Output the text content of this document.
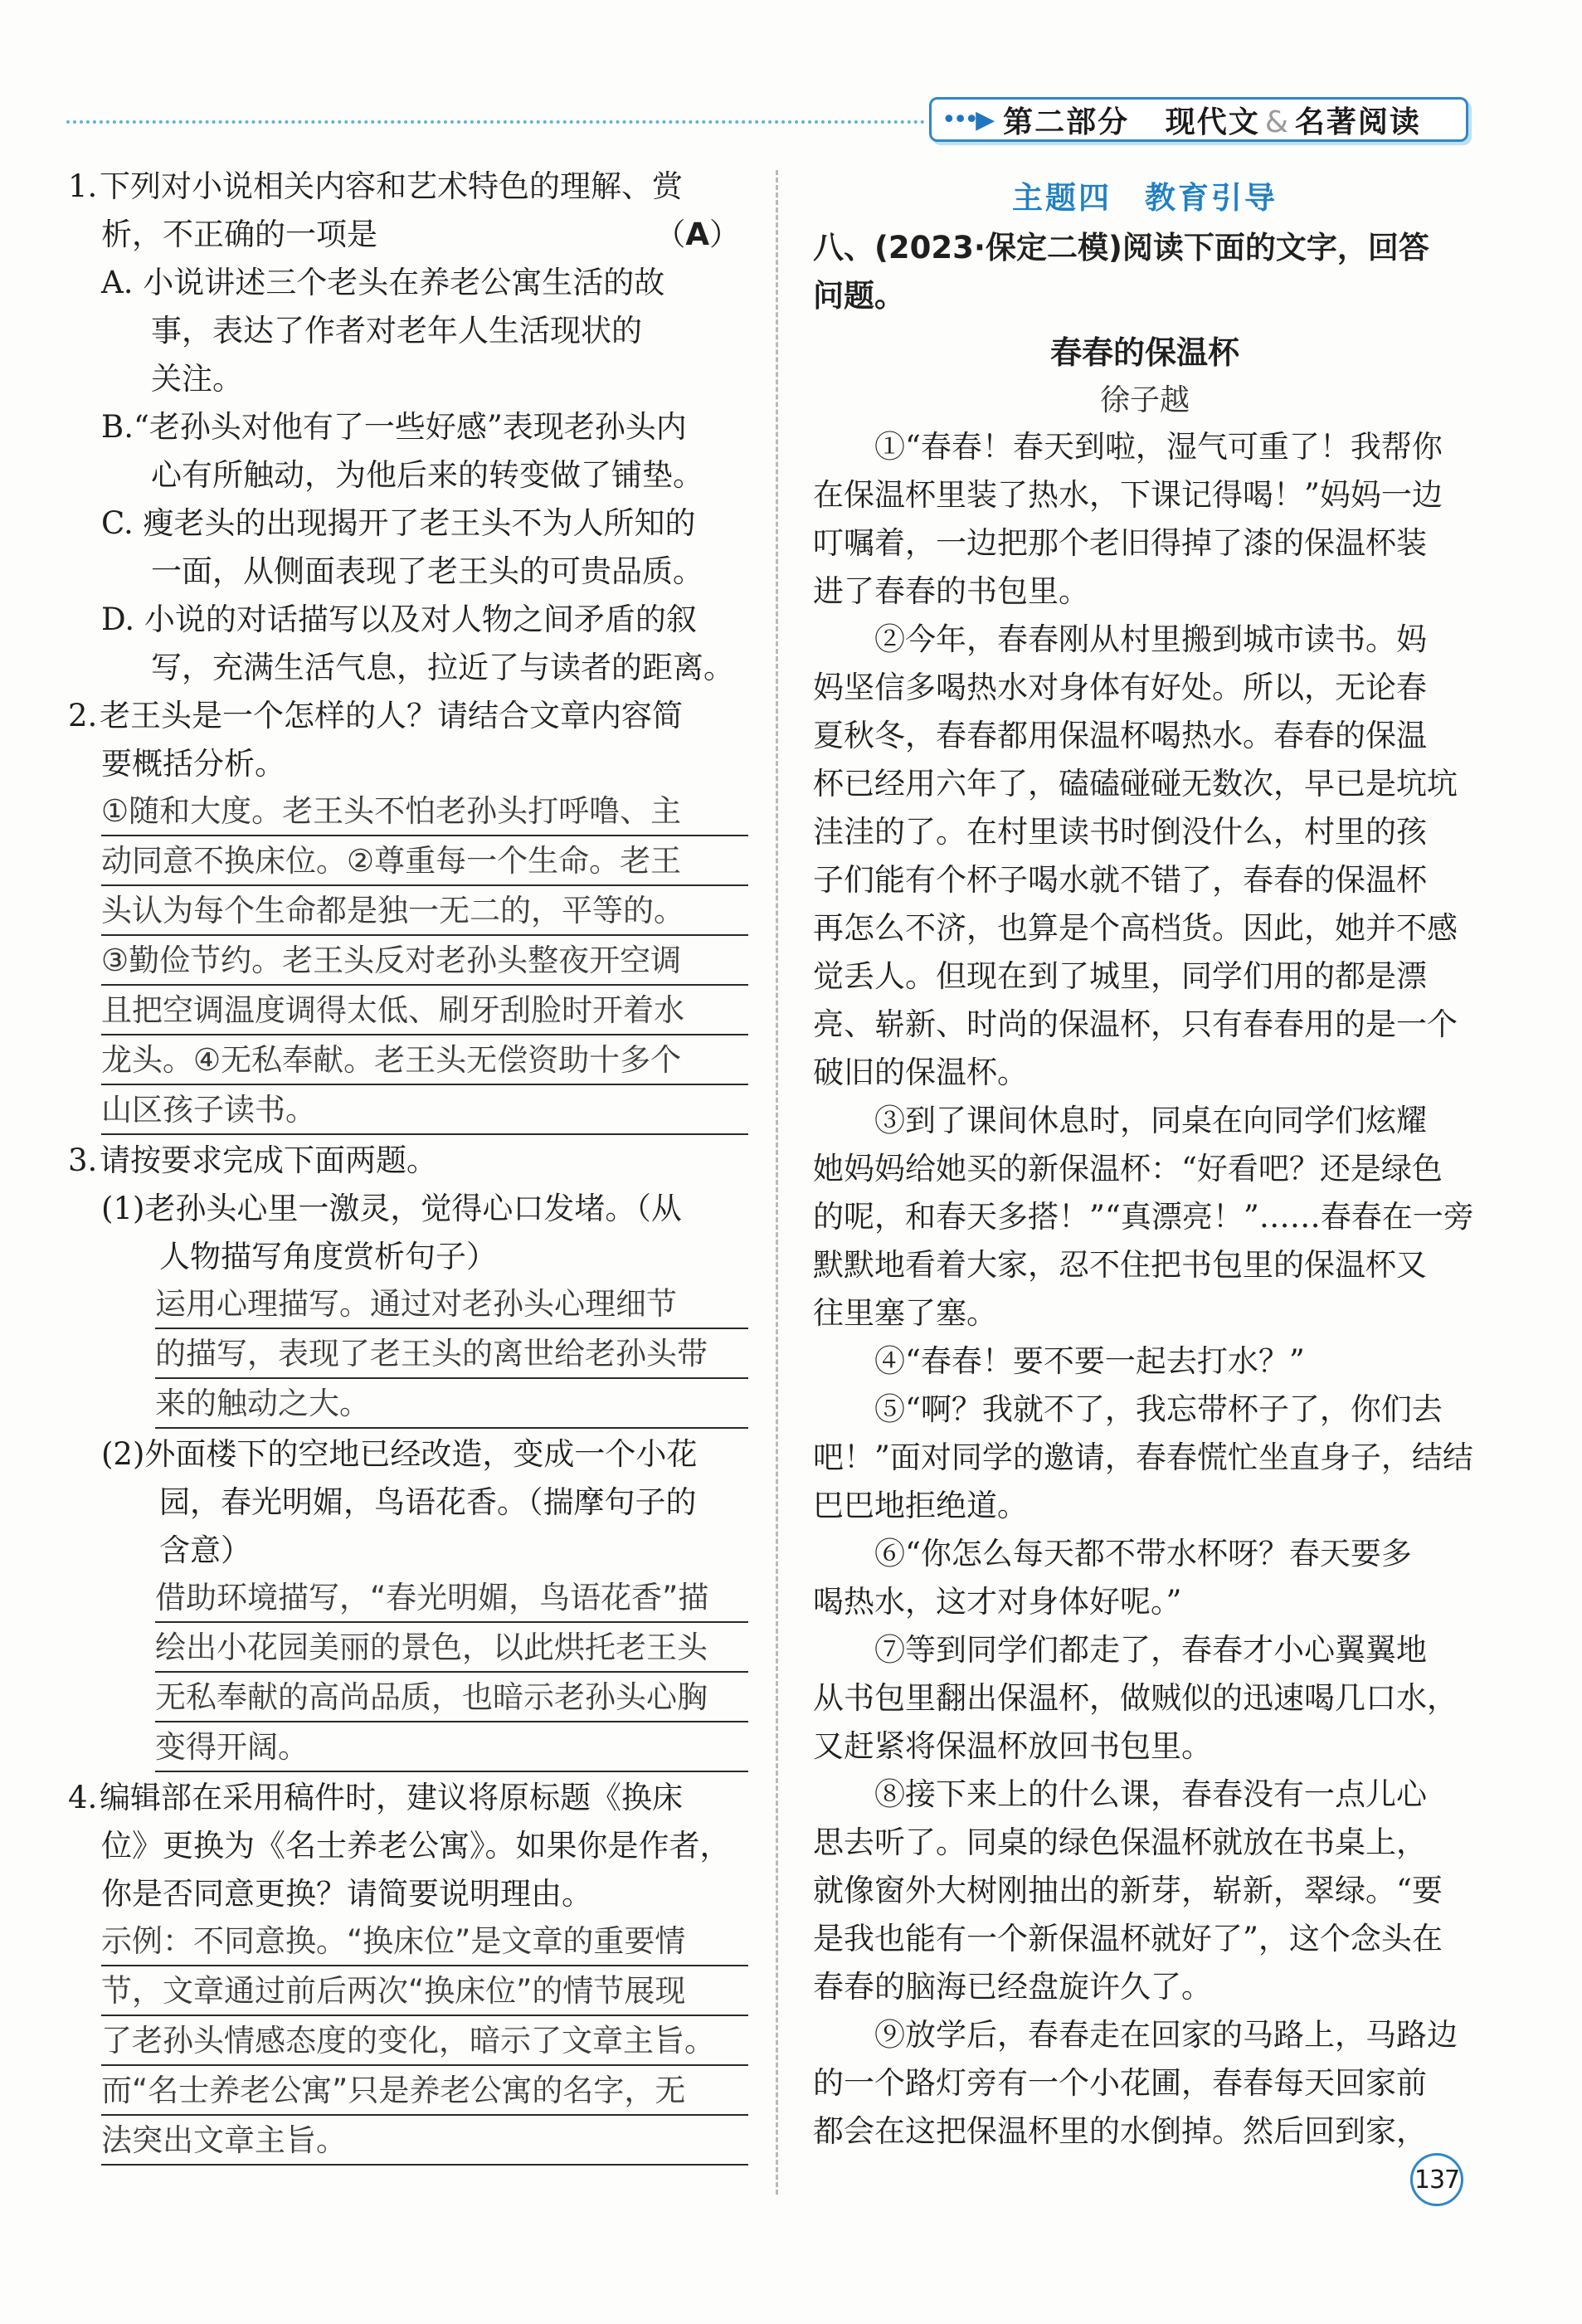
•••▶ 第二部分 现代文 & 名著阅读
1.下列对小说相关内容和艺术特色的理解、赏
析，不正确的一项是	（A）
A. 小说讲述三个老头在养老公寓生活的故
事，表达了作者对老年人生活现状的
关注。
B.“老孙头对他有了一些好感”表现老孙头内
心有所触动，为他后来的转变做了铺垫。
C. 瘦老头的出现揭开了老王头不为人所知的
一面，从侧面表现了老王头的可贵品质。
D. 小说的对话描写以及对人物之间矛盾的叙
写，充满生活气息，拉近了与读者的距离。
2.老王头是一个怎样的人？请结合文章内容简
要概括分析。
①随和大度。老王头不怕老孙头打呼噜、主
动同意不换床位。②尊重每一个生命。老王
头认为每个生命都是独一无二的，平等的。
③勤俭节约。老王头反对老孙头整夜开空调
且把空调温度调得太低、刷牙刮脸时开着水
龙头。④无私奉献。老王头无偿资助十多个
山区孩子读书。
3.请按要求完成下面两题。
(1)老孙头心里一激灵，觉得心口发堵。（从
人物描写角度赏析句子）
运用心理描写。通过对老孙头心理细节
的描写，表现了老王头的离世给老孙头带
来的触动之大。
(2)外面楼下的空地已经改造，变成一个小花
园，春光明媚，鸟语花香。（揣摩句子的
含意）
借助环境描写，“春光明媚，鸟语花香”描
绘出小花园美丽的景色，以此烘托老王头
无私奉献的高尚品质，也暗示老孙头心胸
变得开阔。
4.编辑部在采用稿件时，建议将原标题《换床
位》更换为《名士养老公寓》。如果你是作者，
你是否同意更换？请简要说明理由。
示例：不同意换。“换床位”是文章的重要情
节，文章通过前后两次“换床位”的情节展现
了老孙头情感态度的变化，暗示了文章主旨。
而“名士养老公寓”只是养老公寓的名字，无
法突出文章主旨。
主题四　教育引导
八、(2023·保定二模)阅读下面的文字，回答
问题。
春春的保温杯
徐子越
①“春春！春天到啦，湿气可重了！我帮你
在保温杯里装了热水，下课记得喝！”妈妈一边
叮嘱着，一边把那个老旧得掉了漆的保温杯装
进了春春的书包里。
②今年，春春刚从村里搬到城市读书。妈
妈坚信多喝热水对身体有好处。所以，无论春
夏秋冬，春春都用保温杯喝热水。春春的保温
杯已经用六年了，磕磕碰碰无数次，早已是坑坑
洼洼的了。在村里读书时倒没什么，村里的孩
子们能有个杯子喝水就不错了，春春的保温杯
再怎么不济，也算是个高档货。因此，她并不感
觉丢人。但现在到了城里，同学们用的都是漂
亮、崭新、时尚的保温杯，只有春春用的是一个
破旧的保温杯。
③到了课间休息时，同桌在向同学们炫耀
她妈妈给她买的新保温杯：“好看吧？还是绿色
的呢，和春天多搭！”“真漂亮！”……春春在一旁
默默地看着大家，忍不住把书包里的保温杯又
往里塞了塞。
④“春春！要不要一起去打水？”
⑤“啊？我就不了，我忘带杯子了，你们去
吧！”面对同学的邀请，春春慌忙坐直身子，结结
巴巴地拒绝道。
⑥“你怎么每天都不带水杯呀？春天要多
喝热水，这才对身体好呢。”
⑦等到同学们都走了，春春才小心翼翼地
从书包里翻出保温杯，做贼似的迅速喝几口水，
又赶紧将保温杯放回书包里。
⑧接下来上的什么课，春春没有一点儿心
思去听了。同桌的绿色保温杯就放在书桌上，
就像窗外大树刚抽出的新芽，崭新，翠绿。“要
是我也能有一个新保温杯就好了”，这个念头在
春春的脑海已经盘旋许久了。
⑨放学后，春春走在回家的马路上，马路边
的一个路灯旁有一个小花圃，春春每天回家前
都会在这把保温杯里的水倒掉。然后回到家，
137
